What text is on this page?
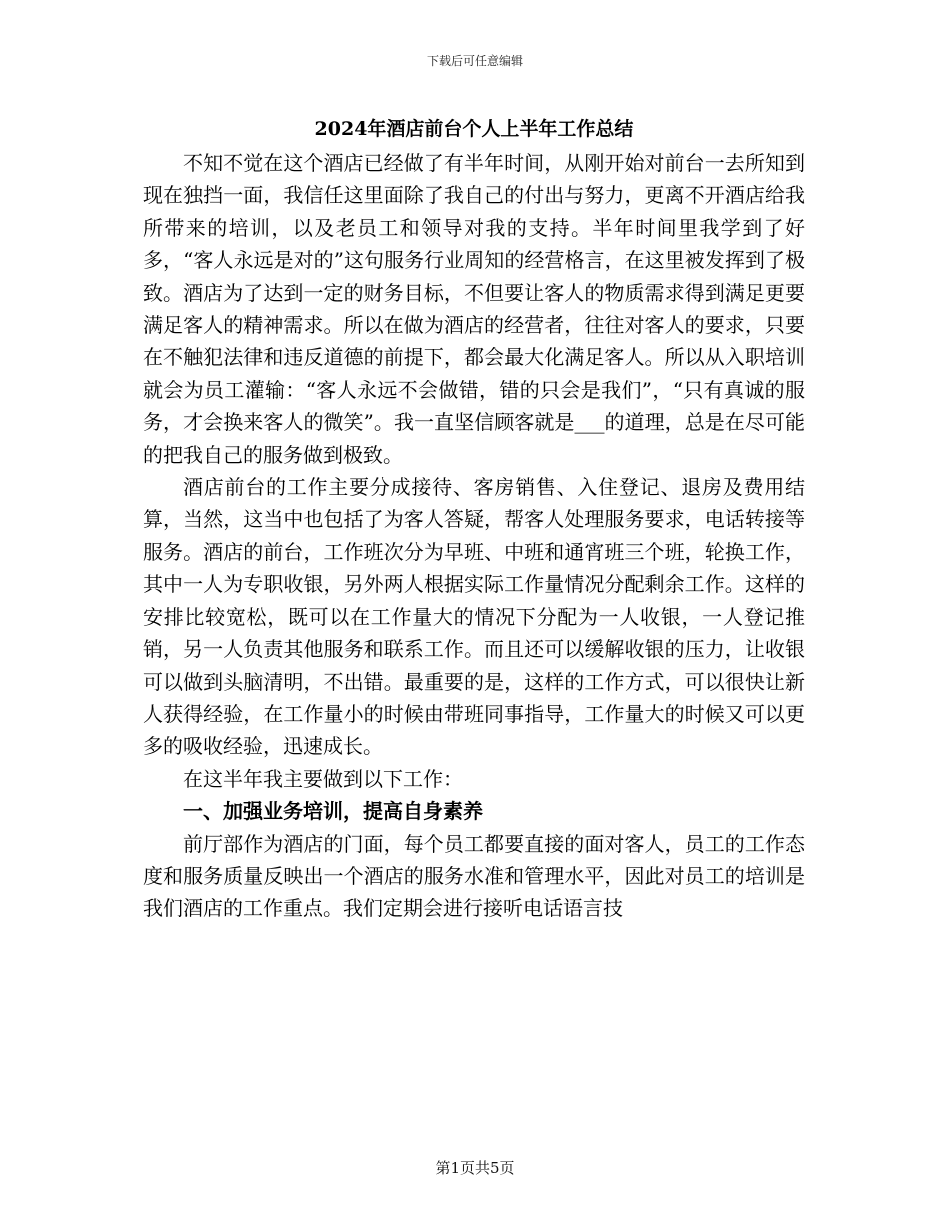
下载后可任意编辑
2024年酒店前台个人上半年工作总结

不知不觉在这个酒店已经做了有半年时间，从刚开始对前台一去所知到现在独挡一面，我信任这里面除了我自己的付出与努力，更离不开酒店给我所带来的培训，以及老员工和领导对我的支持。半年时间里我学到了好多，“客人永远是对的”这句服务行业周知的经营格言，在这里被发挥到了极致。酒店为了达到一定的财务目标，不但要让客人的物质需求得到满足更要满足客人的精神需求。所以在做为酒店的经营者，往往对客人的要求，只要在不触犯法律和违反道德的前提下，都会最大化满足客人。所以从入职培训就会为员工灌输：“客人永远不会做错，错的只会是我们”，“只有真诚的服务，才会换来客人的微笑”。我一直坚信顾客就是___的道理，总是在尽可能的把我自己的服务做到极致。

酒店前台的工作主要分成接待、客房销售、入住登记、退房及费用结算，当然，这当中也包括了为客人答疑，帮客人处理服务要求，电话转接等服务。酒店的前台，工作班次分为早班、中班和通宵班三个班，轮换工作，其中一人为专职收银，另外两人根据实际工作量情况分配剩余工作。这样的安排比较宽松，既可以在工作量大的情况下分配为一人收银，一人登记推销，另一人负责其他服务和联系工作。而且还可以缓解收银的压力，让收银可以做到头脑清明，不出错。最重要的是，这样的工作方式，可以很快让新人获得经验，在工作量小的时候由带班同事指导，工作量大的时候又可以更多的吸收经验，迅速成长。

在这半年我主要做到以下工作：

一、加强业务培训，提高自身素养

前厅部作为酒店的门面，每个员工都要直接的面对客人，员工的工作态度和服务质量反映出一个酒店的服务水准和管理水平，因此对员工的培训是我们酒店的工作重点。我们定期会进行接听电话语言技

第1页共5页
